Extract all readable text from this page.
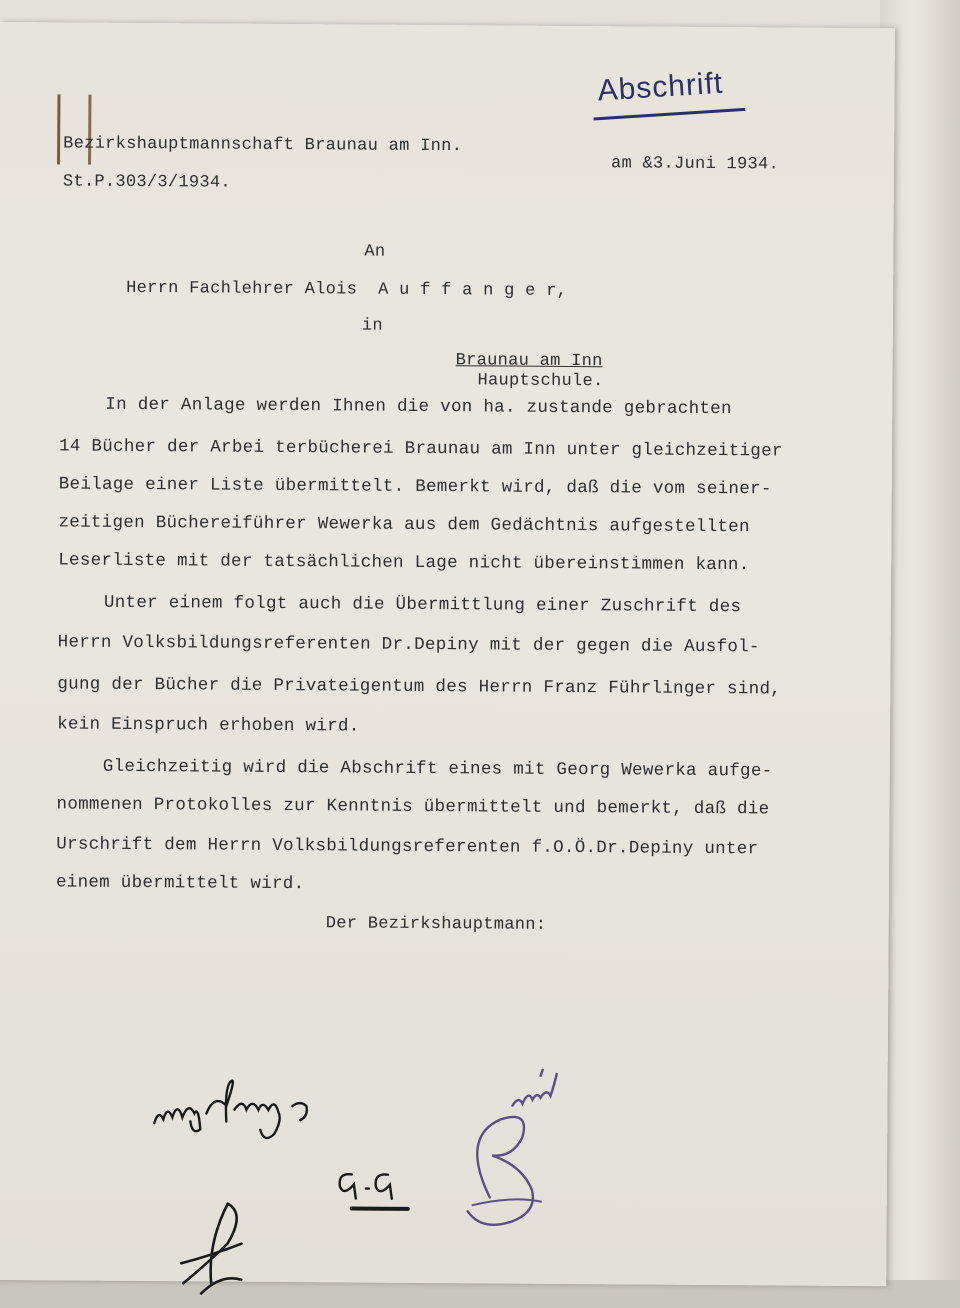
Abschrift
Bezirkshauptmannschaft Braunau am Inn.
St.P.303/3/1934.
am &3.Juni 1934.
An
Herrn Fachlehrer Alois  A u f f a n g e r,
in
Braunau am Inn
Hauptschule.
In der Anlage werden Ihnen die von ha. zustande gebrachten
14 Bücher der Arbei terbücherei Braunau am Inn unter gleichzeitiger
Beilage einer Liste übermittelt. Bemerkt wird, daß die vom seiner-
zeitigen Büchereiführer Wewerka aus dem Gedächtnis aufgestellten
Leserliste mit der tatsächlichen Lage nicht übereinstimmen kann.
Unter einem folgt auch die Übermittlung einer Zuschrift des
Herrn Volksbildungsreferenten Dr.Depiny mit der gegen die Ausfol-
gung der Bücher die Privateigentum des Herrn Franz Führlinger sind,
kein Einspruch erhoben wird.
Gleichzeitig wird die Abschrift eines mit Georg Wewerka aufge-
nommenen Protokolles zur Kenntnis übermittelt und bemerkt, daß die
Urschrift dem Herrn Volksbildungsreferenten f.O.Ö.Dr.Depiny unter
einem übermittelt wird.
Der Bezirkshauptmann:
